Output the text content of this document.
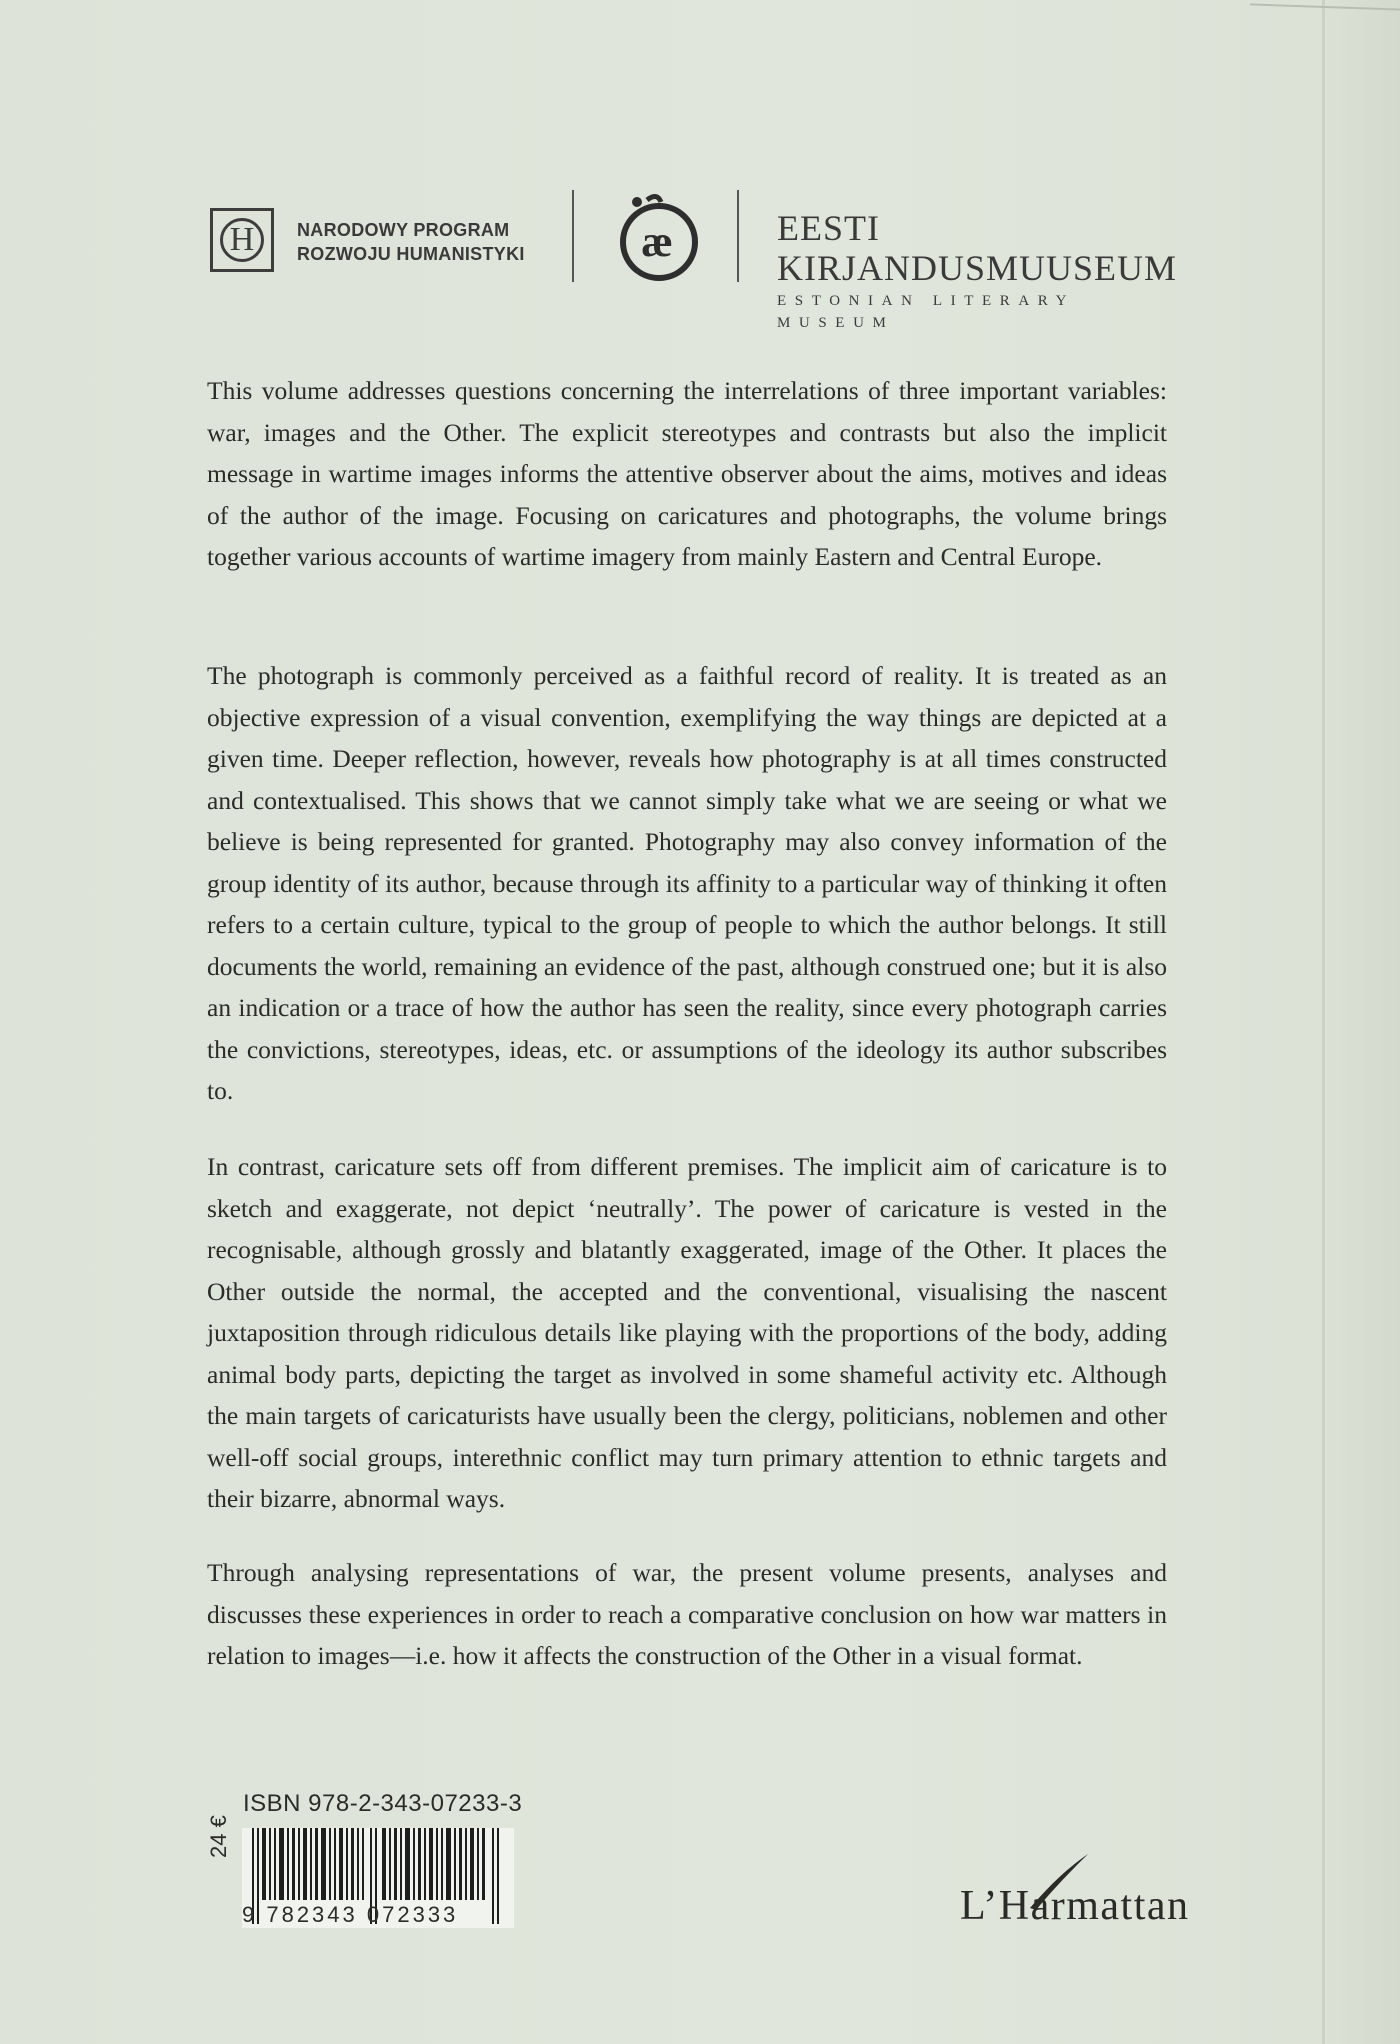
H	NARODOWY PROGRAM
ROZWOJU HUMANISTYKI	æ	EESTI KIRJANDUSMUUSEUM
ESTONIAN LITERARY MUSEUM

This volume addresses questions concerning the interrelations of three important variables: war, images and the Other. The explicit stereotypes and contrasts but also the implicit message in wartime images informs the attentive observer about the aims, motives and ideas of the author of the image. Focusing on caricatures and photographs, the volume brings together various accounts of wartime imagery from mainly Eastern and Central Europe.

The photograph is commonly perceived as a faithful record of reality. It is treated as an objective expression of a visual convention, exemplifying the way things are depicted at a given time. Deeper reflection, however, reveals how photography is at all times constructed and contextualised. This shows that we cannot simply take what we are seeing or what we believe is being represented for granted. Photography may also convey information of the group identity of its author, because through its affinity to a particular way of thinking it often refers to a certain culture, typical to the group of people to which the author belongs. It still documents the world, remaining an evidence of the past, although construed one; but it is also an indication or a trace of how the author has seen the reality, since every photograph carries the convictions, stereotypes, ideas, etc. or assumptions of the ideology its author subscribes to.

In contrast, caricature sets off from different premises. The implicit aim of caricature is to sketch and exaggerate, not depict ‘neutrally’. The power of caricature is vested in the recognisable, although grossly and blatantly exaggerated, image of the Other. It places the Other outside the normal, the accepted and the conventional, visualising the nascent juxtaposition through ridiculous details like playing with the proportions of the body, adding animal body parts, depicting the target as involved in some shameful activity etc. Although the main targets of caricaturists have usually been the clergy, politicians, noblemen and other well-off social groups, interethnic conflict may turn primary attention to ethnic targets and their bizarre, abnormal ways.

Through analysing representations of war, the present volume presents, analyses and discusses these experiences in order to reach a comparative conclusion on how war matters in relation to images—i.e. how it affects the construction of the Other in a visual format.

ISBN 978-2-343-07233-3
24 €
9 782343 072333	L’Harmattan
